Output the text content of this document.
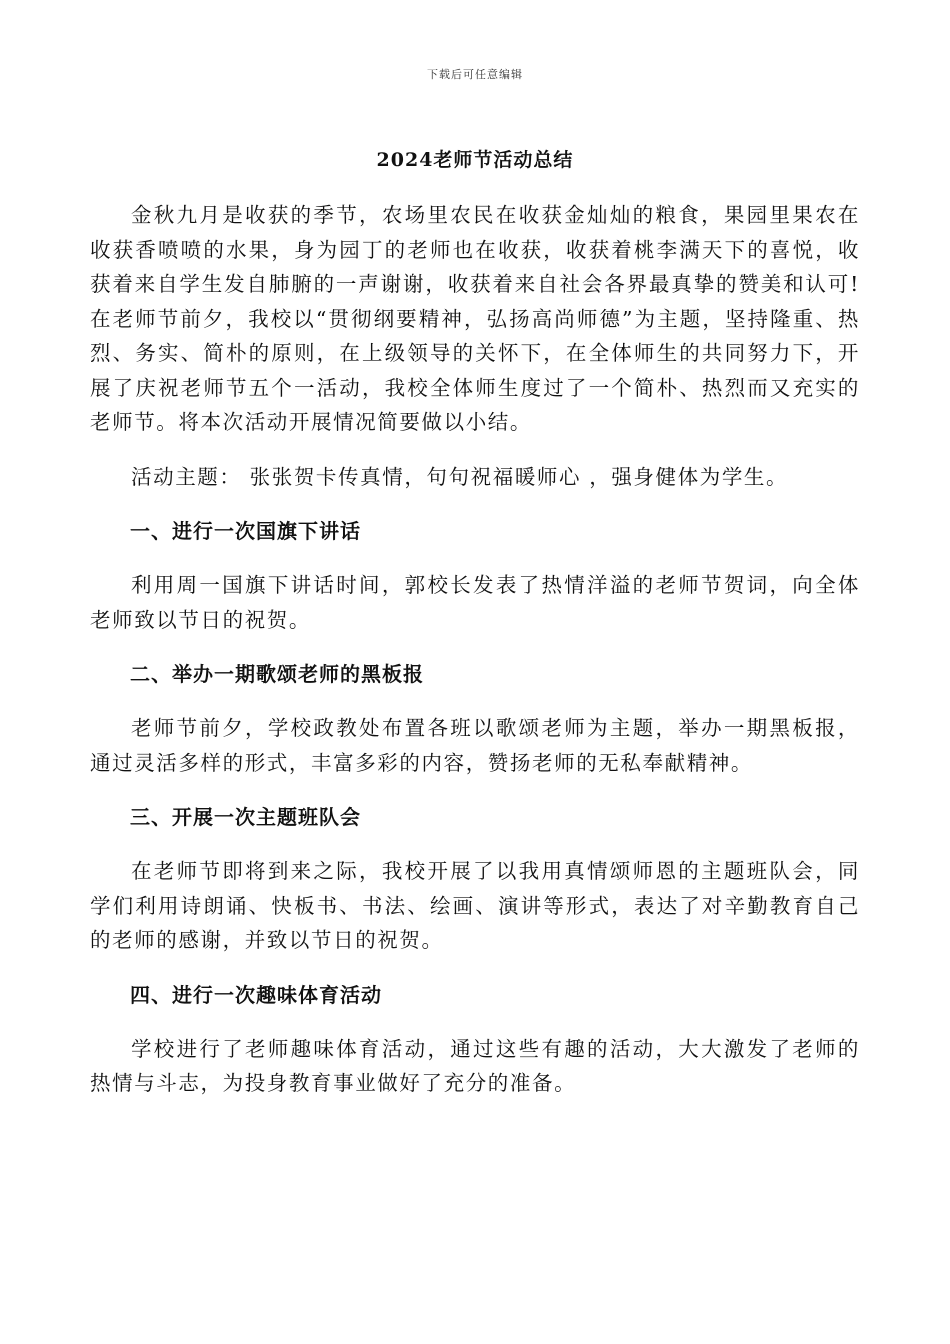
下载后可任意编辑
2024老师节活动总结

金秋九月是收获的季节，农场里农民在收获金灿灿的粮食，果园里果农在收获香喷喷的水果，身为园丁的老师也在收获，收获着桃李满天下的喜悦，收获着来自学生发自肺腑的一声谢谢，收获着来自社会各界最真挚的赞美和认可!在老师节前夕，我校以“贯彻纲要精神，弘扬高尚师德”为主题，坚持隆重、热烈、务实、简朴的原则，在上级领导的关怀下，在全体师生的共同努力下，开展了庆祝老师节五个一活动，我校全体师生度过了一个简朴、热烈而又充实的老师节。将本次活动开展情况简要做以小结。

活动主题： 张张贺卡传真情，句句祝福暖师心 ，强身健体为学生。

一、进行一次国旗下讲话

利用周一国旗下讲话时间，郭校长发表了热情洋溢的老师节贺词，向全体老师致以节日的祝贺。

二、举办一期歌颂老师的黑板报

老师节前夕，学校政教处布置各班以歌颂老师为主题，举办一期黑板报，通过灵活多样的形式，丰富多彩的内容，赞扬老师的无私奉献精神。

三、开展一次主题班队会

在老师节即将到来之际，我校开展了以我用真情颂师恩的主题班队会，同学们利用诗朗诵、快板书、书法、绘画、演讲等形式，表达了对辛勤教育自己的老师的感谢，并致以节日的祝贺。

四、进行一次趣味体育活动

学校进行了老师趣味体育活动，通过这些有趣的活动，大大激发了老师的热情与斗志，为投身教育事业做好了充分的准备。
